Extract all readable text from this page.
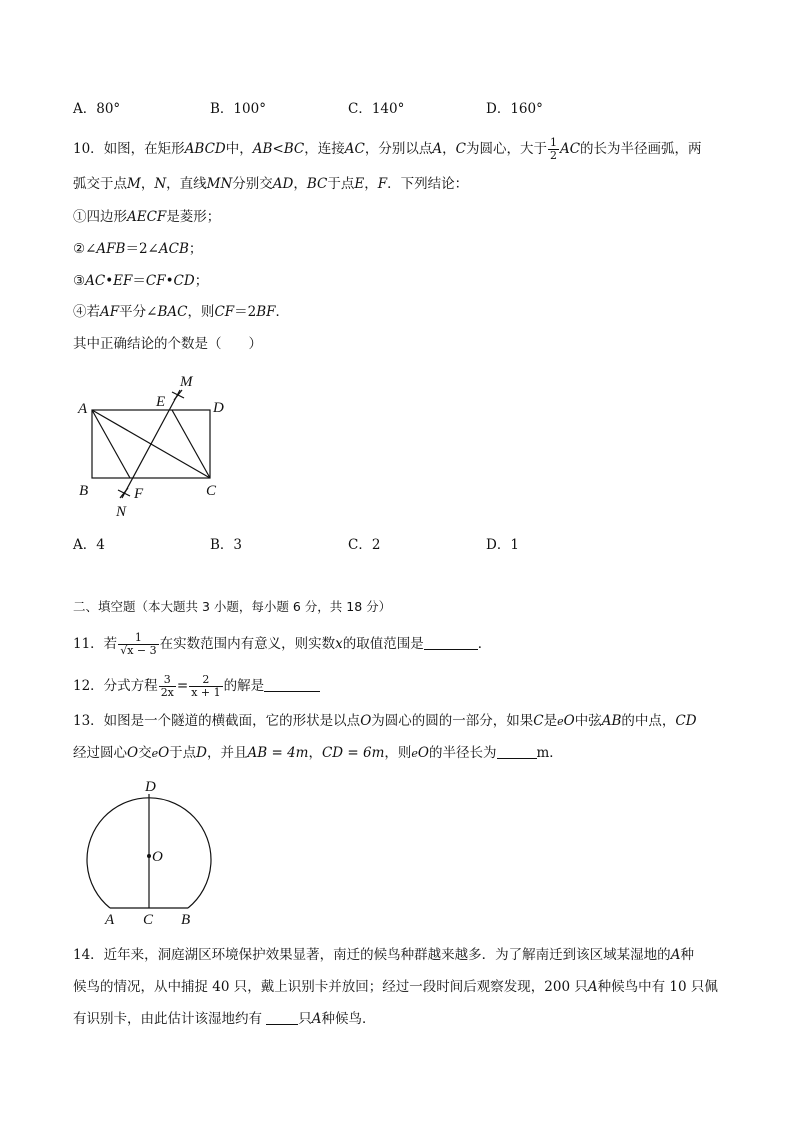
A．80°	B．100°	C．140°	D．160°
10．如图，在矩形ABCD中，AB<BC，连接AC，分别以点A，C为圆心，大于 $\frac{1}{2}$ AC的长为半径画弧，两
弧交于点M，N，直线MN分别交AD，BC于点E，F．下列结论：
①四边形AECF是菱形；
②∠AFB＝2∠ACB；
③AC•EF＝CF•CD；
④若AF平分∠BAC，则CF＝2BF．
其中正确结论的个数是（　　）
A	E
M
D
B	F	C
N
A．4	B．3	C．2	D．1
二、填空题（本大题共 3 小题，每小题 6 分，共 18 分）
11．若 $\frac{1}{√x - 3}$ 在实数范围内有意义，则实数x的取值范围是	．
12．分式方程 $\frac{3}{2x} = \frac{2}{x + 1}$ 的解是
13．如图是一个隧道的横截面，它的形状是以点O为圆心的圆的一部分，如果C是eO中弦AB的中点，CD
经过圆心O交eO于点D，并且AB = 4m，CD = 6m，则eO的半径长为	m．
D
O
A C B
14．近年来，洞庭湖区环境保护效果显著，南迁的候鸟种群越来越多．为了解南迁到该区域某湿地的A种
候鸟的情况，从中捕捉 40 只，戴上识别卡并放回；经过一段时间后观察发现，200 只A种候鸟中有 10 只佩
有识别卡，由此估计该湿地约有 只A种候鸟．
